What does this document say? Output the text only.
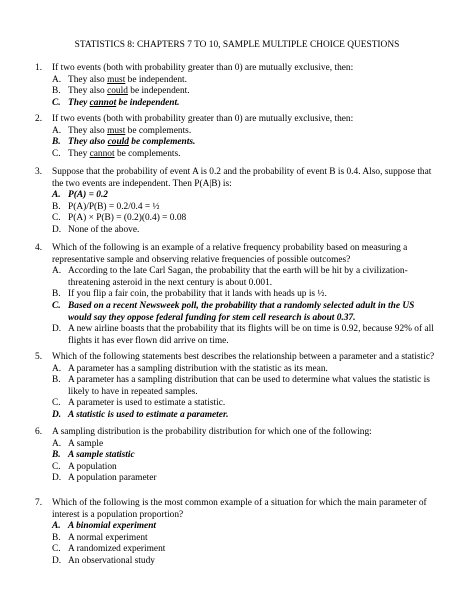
STATISTICS 8: CHAPTERS 7 TO 10, SAMPLE MULTIPLE CHOICE QUESTIONS
1. If two events (both with probability greater than 0) are mutually exclusive, then:
A. They also must be independent.
B. They also could be independent.
C. They cannot be independent.
2. If two events (both with probability greater than 0) are mutually exclusive, then:
A. They also must be complements.
B. They also could be complements.
C. They cannot be complements.
3. Suppose that the probability of event A is 0.2 and the probability of event B is 0.4. Also, suppose that
the two events are independent. Then P(A|B) is:
A. P(A) = 0.2
B. P(A)/P(B) = 0.2/0.4 = ½
C. P(A) × P(B) = (0.2)(0.4) = 0.08
D. None of the above.
4. Which of the following is an example of a relative frequency probability based on measuring a
representative sample and observing relative frequencies of possible outcomes?
A. According to the late Carl Sagan, the probability that the earth will be hit by a civilization-
threatening asteroid in the next century is about 0.001.
B. If you flip a fair coin, the probability that it lands with heads up is ½.
C. Based on a recent Newsweek poll, the probability that a randomly selected adult in the US
would say they oppose federal funding for stem cell research is about 0.37.
D. A new airline boasts that the probability that its flights will be on time is 0.92, because 92% of all
flights it has ever flown did arrive on time.
5. Which of the following statements best describes the relationship between a parameter and a statistic?
A. A parameter has a sampling distribution with the statistic as its mean.
B. A parameter has a sampling distribution that can be used to determine what values the statistic is
likely to have in repeated samples.
C. A parameter is used to estimate a statistic.
D. A statistic is used to estimate a parameter.
6. A sampling distribution is the probability distribution for which one of the following:
A. A sample
B. A sample statistic
C. A population
D. A population parameter
7. Which of the following is the most common example of a situation for which the main parameter of
interest is a population proportion?
A. A binomial experiment
B. A normal experiment
C. A randomized experiment
D. An observational study
